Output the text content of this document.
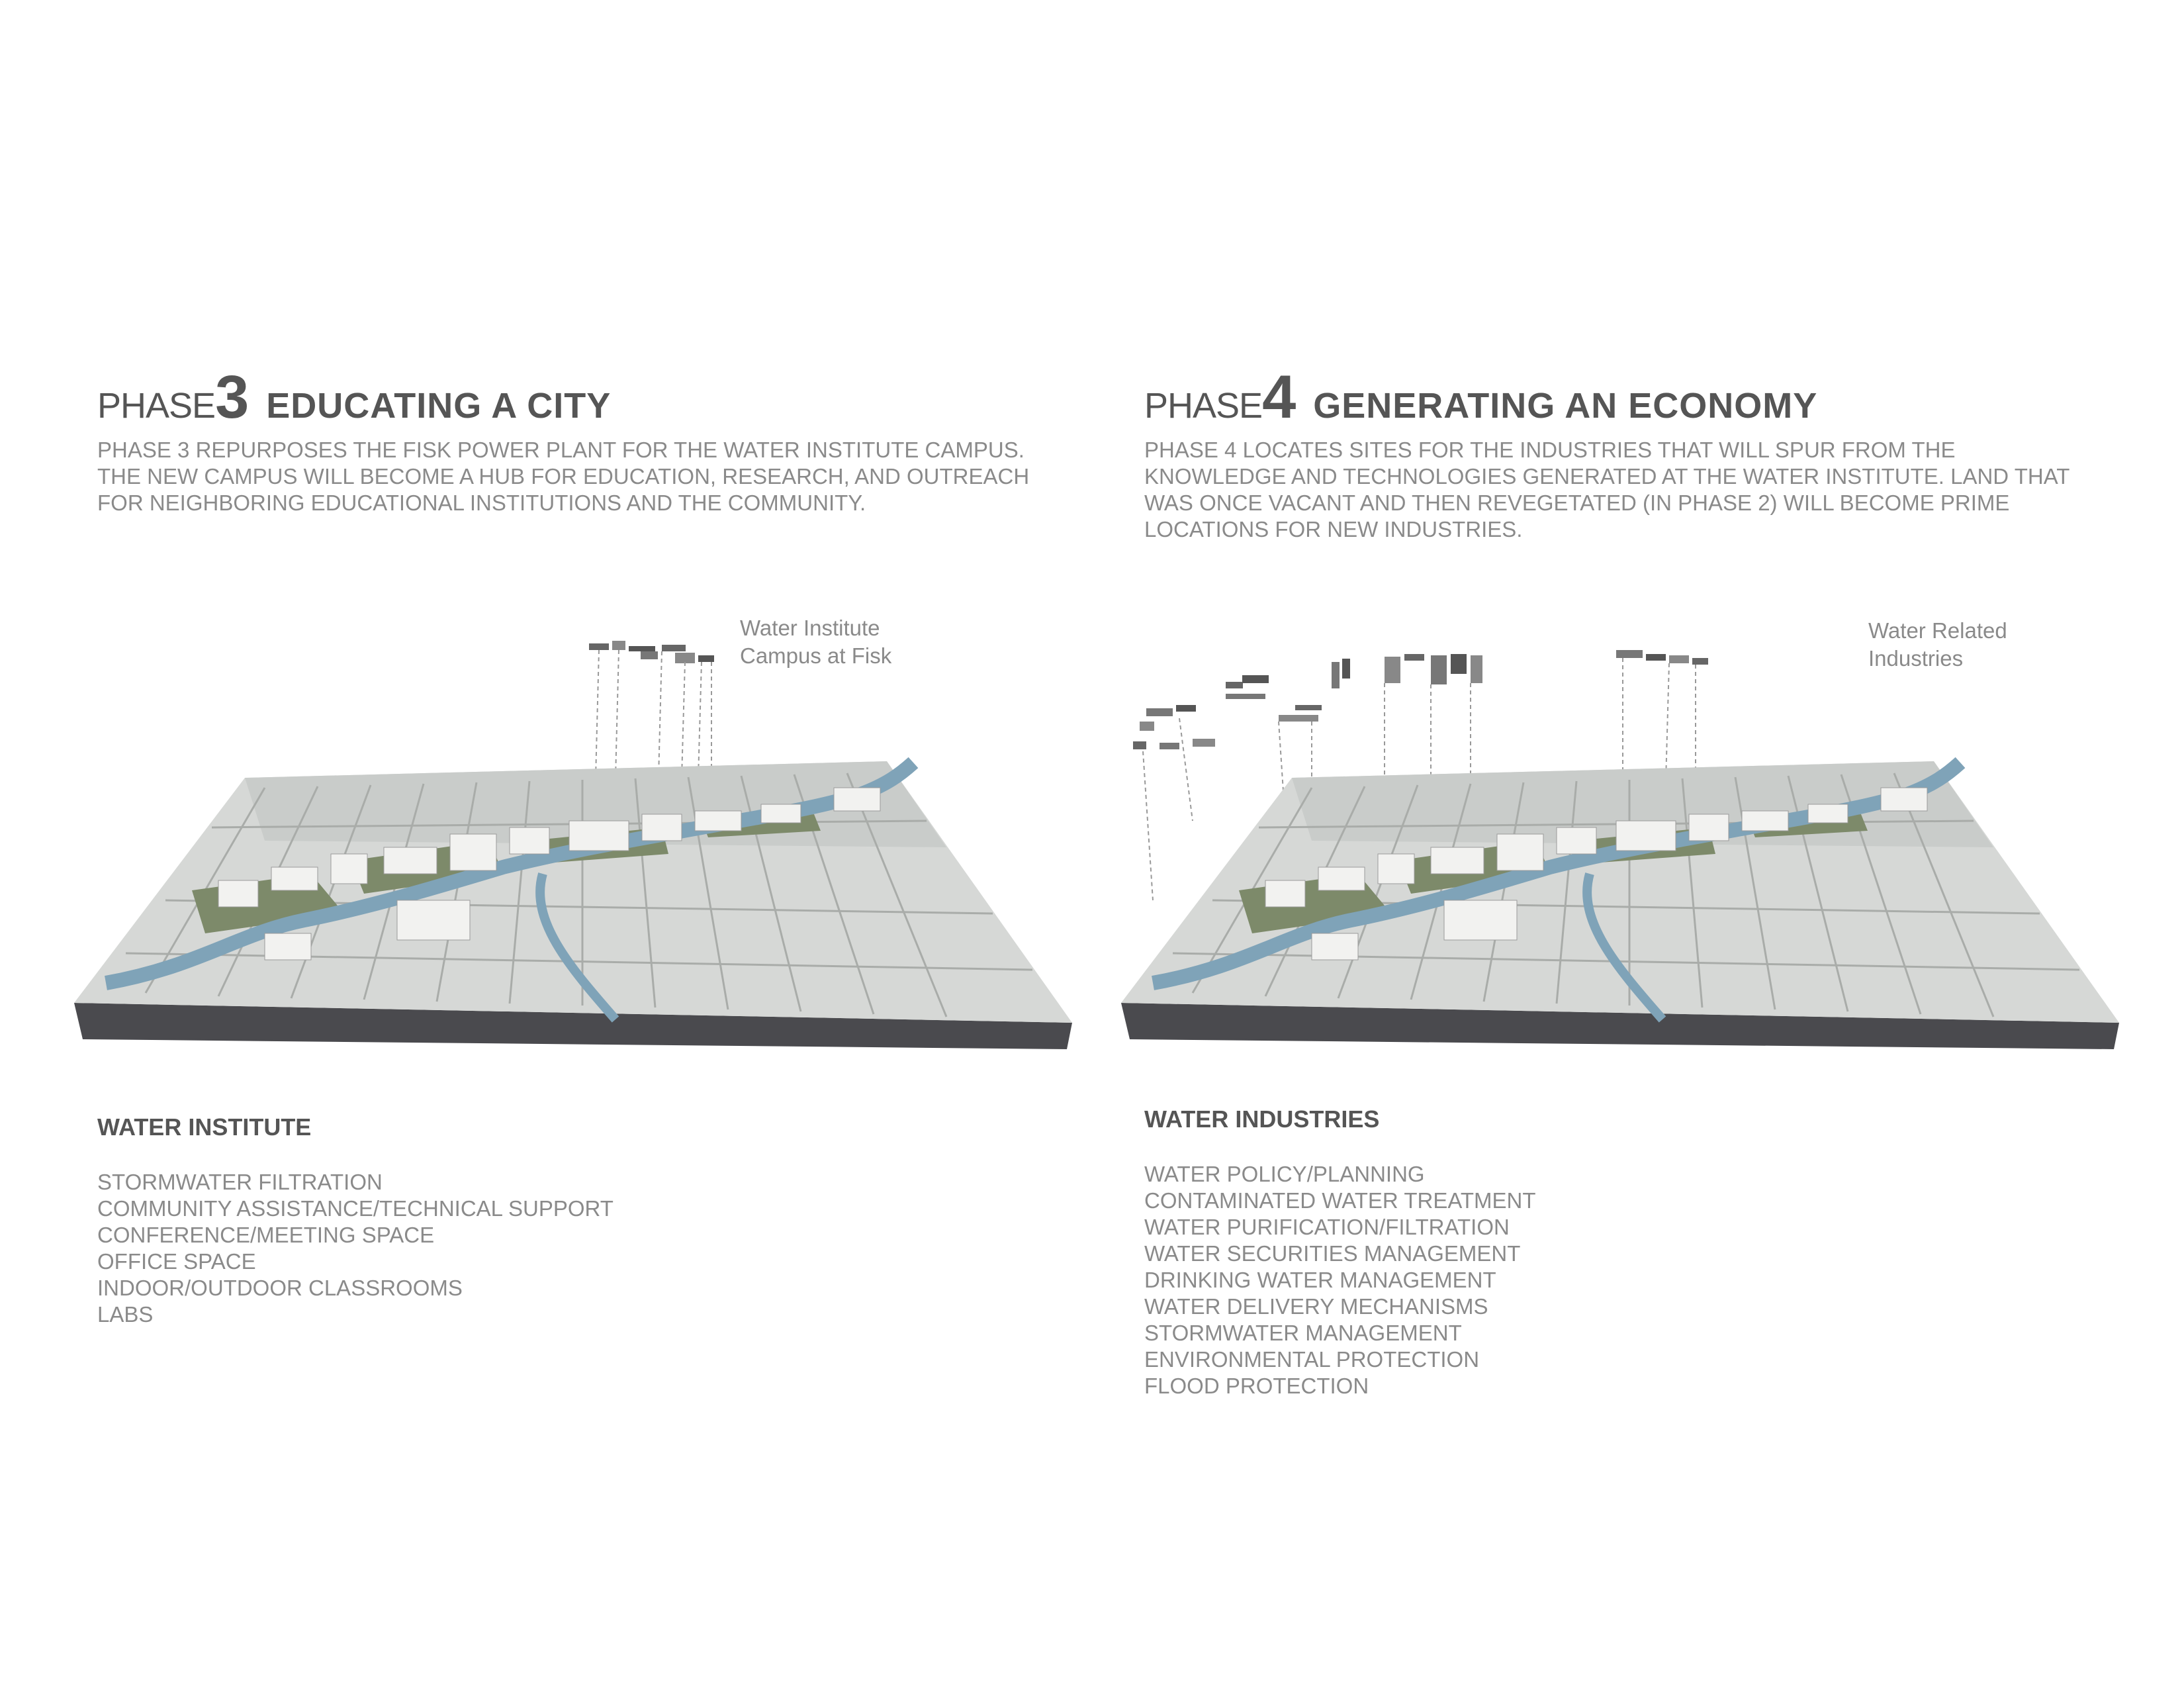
PHASE3 EDUCATING A CITY
PHASE 3 REPURPOSES THE FISK POWER PLANT FOR THE WATER INSTITUTE CAMPUS.
THE NEW CAMPUS WILL BECOME A HUB FOR EDUCATION, RESEARCH, AND OUTREACH
FOR NEIGHBORING EDUCATIONAL INSTITUTIONS AND THE COMMUNITY.
Water Institute
Campus at Fisk
WATER INSTITUTE
STORMWATER FILTRATION
COMMUNITY ASSISTANCE/TECHNICAL SUPPORT
CONFERENCE/MEETING SPACE
OFFICE SPACE
INDOOR/OUTDOOR CLASSROOMS
LABS
PHASE4 GENERATING AN ECONOMY
PHASE 4 LOCATES SITES FOR THE INDUSTRIES THAT WILL SPUR FROM THE
KNOWLEDGE AND TECHNOLOGIES GENERATED AT THE WATER INSTITUTE. LAND THAT
WAS ONCE VACANT AND THEN REVEGETATED (IN PHASE 2) WILL BECOME PRIME
LOCATIONS FOR NEW INDUSTRIES.
Water Related
Industries
WATER INDUSTRIES
WATER POLICY/PLANNING
CONTAMINATED WATER TREATMENT
WATER PURIFICATION/FILTRATION
WATER SECURITIES MANAGEMENT
DRINKING WATER MANAGEMENT
WATER DELIVERY MECHANISMS
STORMWATER MANAGEMENT
ENVIRONMENTAL PROTECTION
FLOOD PROTECTION
